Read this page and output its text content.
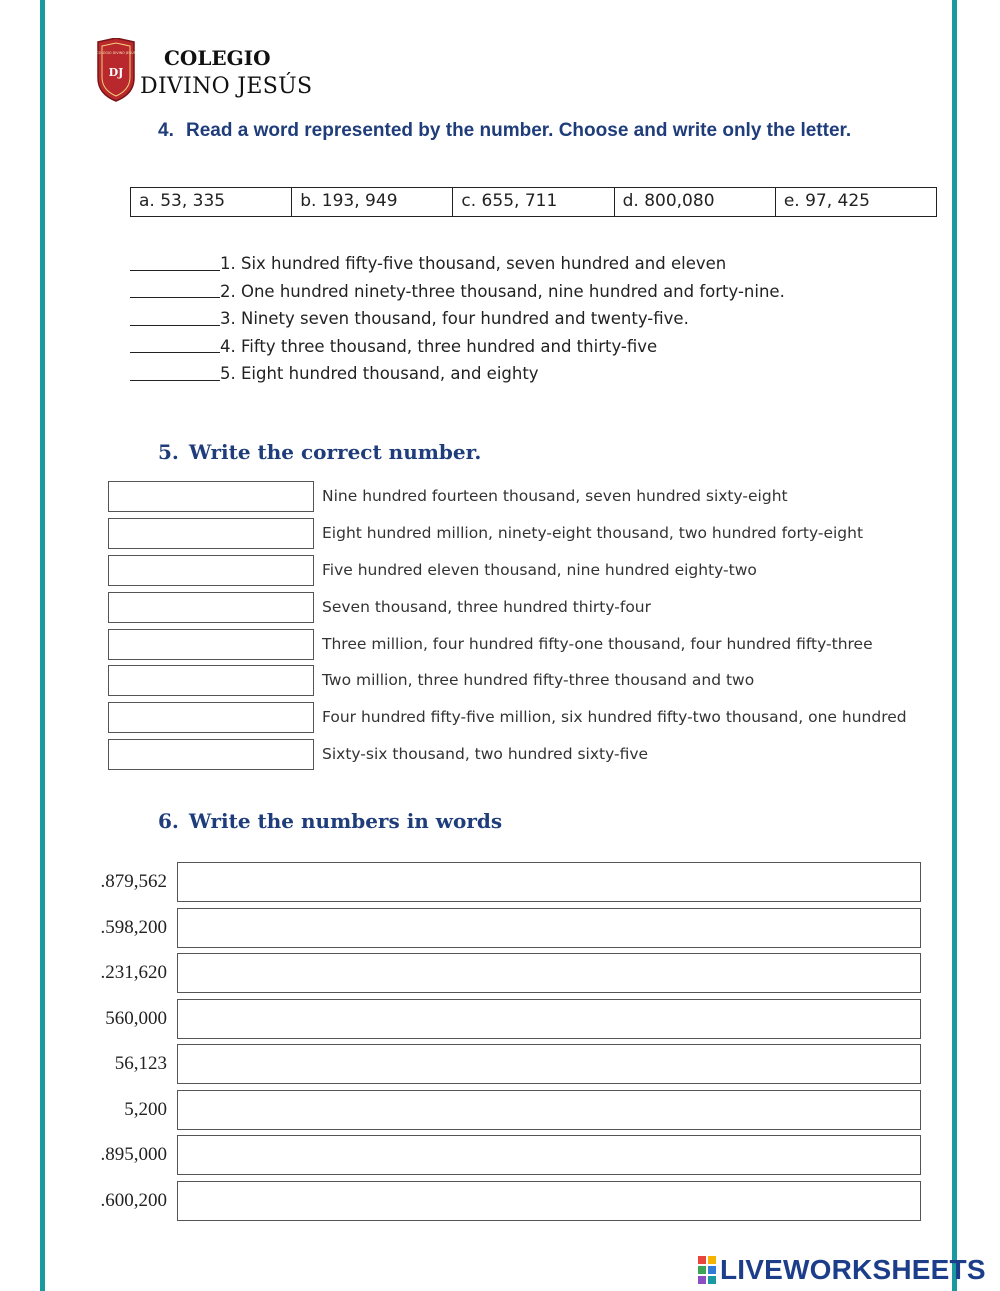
DJ
COLEGIO DIVINO JESÚS COLEGIO
DIVINO JESÚS
4. Read a word represented by the number. Choose and write only the letter.
a. 53, 335	b. 193, 949	c. 655, 711	d. 800,080	e. 97, 425
1. Six hundred fifty-five thousand, seven hundred and eleven
2. One hundred ninety-three thousand, nine hundred and forty-nine.
3. Ninety seven thousand, four hundred and twenty-five.
4. Fifty three thousand, three hundred and thirty-five
5. Eight hundred thousand, and eighty
5. Write the correct number.
Nine hundred fourteen thousand, seven hundred sixty-eight
Eight hundred million, ninety-eight thousand, two hundred forty-eight
Five hundred eleven thousand, nine hundred eighty-two
Seven thousand, three hundred thirty-four
Three million, four hundred fifty-one thousand, four hundred fifty-three
Two million, three hundred fifty-three thousand and two
Four hundred fifty-five million, six hundred fifty-two thousand, one hundred
Sixty-six thousand, two hundred sixty-five
6. Write the numbers in words
.879,562
.598,200
.231,620
560,000
56,123
5,200
.895,000
.600,200
LIVEWORKSHEETS
